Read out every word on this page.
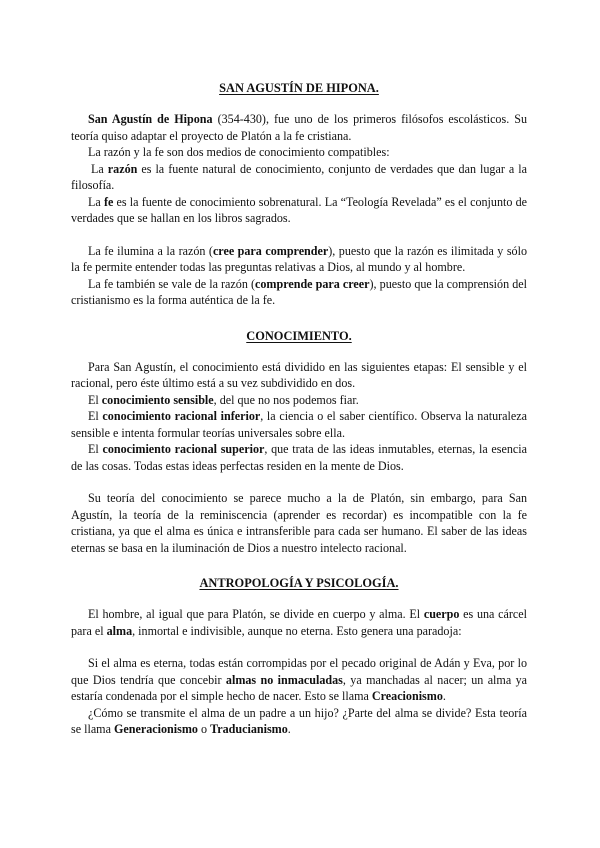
SAN AGUSTÍN DE HIPONA.

San Agustín de Hipona (354-430), fue uno de los primeros filósofos escolásticos. Su teoría quiso adaptar el proyecto de Platón a la fe cristiana.

La razón y la fe son dos medios de conocimiento compatibles:

La razón es la fuente natural de conocimiento, conjunto de verdades que dan lugar a la filosofía.

La fe es la fuente de conocimiento sobrenatural. La “Teología Revelada” es el conjunto de verdades que se hallan en los libros sagrados.

La fe ilumina a la razón (cree para comprender), puesto que la razón es ilimitada y sólo la fe permite entender todas las preguntas relativas a Dios, al mundo y al hombre.

La fe también se vale de la razón (comprende para creer), puesto que la comprensión del cristianismo es la forma auténtica de la fe.

CONOCIMIENTO.

Para San Agustín, el conocimiento está dividido en las siguientes etapas: El sensible y el racional, pero éste último está a su vez subdividido en dos.

El conocimiento sensible, del que no nos podemos fiar.

El conocimiento racional inferior, la ciencia o el saber científico. Observa la naturaleza sensible e intenta formular teorías universales sobre ella.

El conocimiento racional superior, que trata de las ideas inmutables, eternas, la esencia de las cosas. Todas estas ideas perfectas residen en la mente de Dios.

Su teoría del conocimiento se parece mucho a la de Platón, sin embargo, para San Agustín, la teoría de la reminiscencia (aprender es recordar) es incompatible con la fe cristiana, ya que el alma es única e intransferible para cada ser humano. El saber de las ideas eternas se basa en la iluminación de Dios a nuestro intelecto racional.

ANTROPOLOGÍA Y PSICOLOGÍA.

El hombre, al igual que para Platón, se divide en cuerpo y alma. El cuerpo es una cárcel para el alma, inmortal e indivisible, aunque no eterna. Esto genera una paradoja:

Si el alma es eterna, todas están corrompidas por el pecado original de Adán y Eva, por lo que Dios tendría que concebir almas no inmaculadas, ya manchadas al nacer; un alma ya estaría condenada por el simple hecho de nacer. Esto se llama Creacionismo.

¿Cómo se transmite el alma de un padre a un hijo? ¿Parte del alma se divide? Esta teoría se llama Generacionismo o Traducianismo.
